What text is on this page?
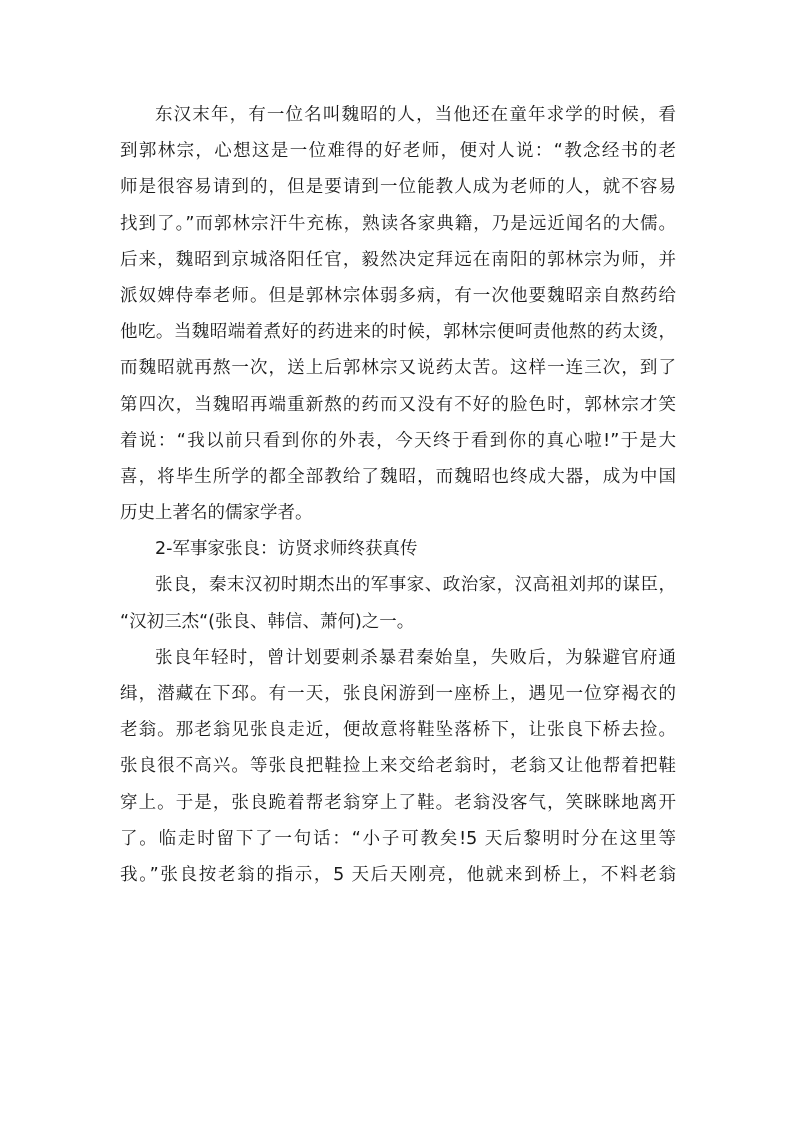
东汉末年，有一位名叫魏昭的人，当他还在童年求学的时候，看
到郭林宗，心想这是一位难得的好老师，便对人说：“教念经书的老
师是很容易请到的，但是要请到一位能教人成为老师的人，就不容易
找到了。”而郭林宗汗牛充栋，熟读各家典籍，乃是远近闻名的大儒。
后来，魏昭到京城洛阳任官，毅然决定拜远在南阳的郭林宗为师，并
派奴婢侍奉老师。但是郭林宗体弱多病，有一次他要魏昭亲自熬药给
他吃。当魏昭端着煮好的药进来的时候，郭林宗便呵责他熬的药太烫，
而魏昭就再熬一次，送上后郭林宗又说药太苦。这样一连三次，到了
第四次，当魏昭再端重新熬的药而又没有不好的脸色时，郭林宗才笑
着说：“我以前只看到你的外表，今天终于看到你的真心啦!”于是大
喜，将毕生所学的都全部教给了魏昭，而魏昭也终成大器，成为中国
历史上著名的儒家学者。
2-军事家张良：访贤求师终获真传
张良，秦末汉初时期杰出的军事家、政治家，汉高祖刘邦的谋臣，
“汉初三杰“(张良、韩信、萧何)之一。
张良年轻时，曾计划要刺杀暴君秦始皇，失败后，为躲避官府通
缉，潜藏在下邳。有一天，张良闲游到一座桥上，遇见一位穿褐衣的
老翁。那老翁见张良走近，便故意将鞋坠落桥下，让张良下桥去捡。
张良很不高兴。等张良把鞋捡上来交给老翁时，老翁又让他帮着把鞋
穿上。于是，张良跪着帮老翁穿上了鞋。老翁没客气，笑眯眯地离开
了。临走时留下了一句话：“小子可教矣!5 天后黎明时分在这里等
我。”张良按老翁的指示，5 天后天刚亮，他就来到桥上，不料老翁
